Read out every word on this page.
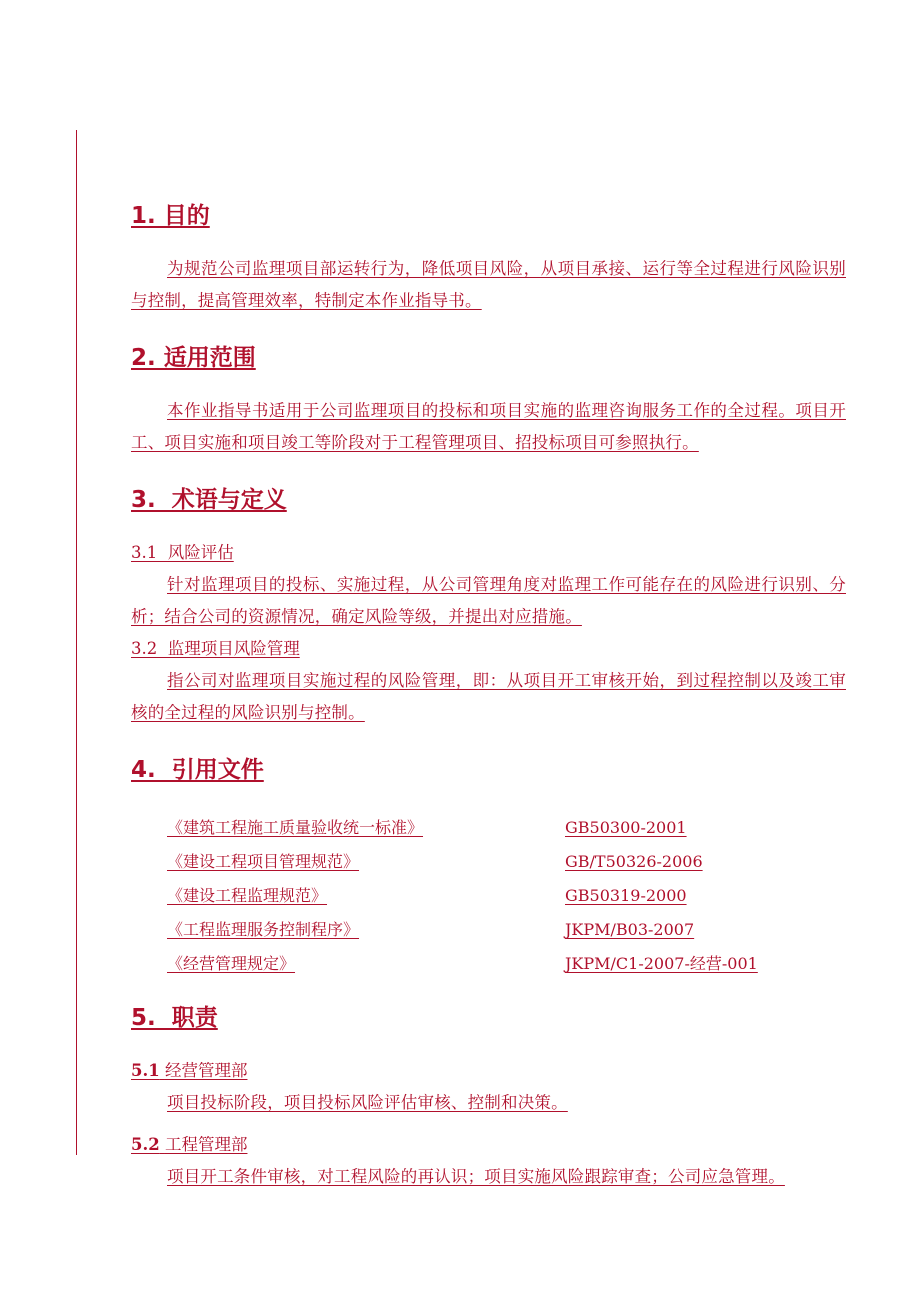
1. 目的

为规范公司监理项目部运转行为，降低项目风险，从项目承接、运行等全过程进行风险识别与控制，提高管理效率，特制定本作业指导书。

2. 适用范围

本作业指导书适用于公司监理项目的投标和项目实施的监理咨询服务工作的全过程。项目开工、项目实施和项目竣工等阶段对于工程管理项目、招投标项目可参照执行。

3.  术语与定义
3.1  风险评估

针对监理项目的投标、实施过程，从公司管理角度对监理工作可能存在的风险进行识别、分析；结合公司的资源情况，确定风险等级，并提出对应措施。

3.2  监理项目风险管理

指公司对监理项目实施过程的风险管理，即：从项目开工审核开始，到过程控制以及竣工审核的全过程的风险识别与控制。

4.  引用文件
《建筑工程施工质量验收统一标准》	GB50300-2001
《建设工程项目管理规范》	GB/T50326-2006
《建设工程监理规范》	GB50319-2000
《工程监理服务控制程序》	JKPM/B03-2007
《经营管理规定》	JKPM/C1-2007-经营-001
5.  职责
5.1 经营管理部

项目投标阶段，项目投标风险评估审核、控制和决策。

5.2 工程管理部

项目开工条件审核，对工程风险的再认识；项目实施风险跟踪审查；公司应急管理。
